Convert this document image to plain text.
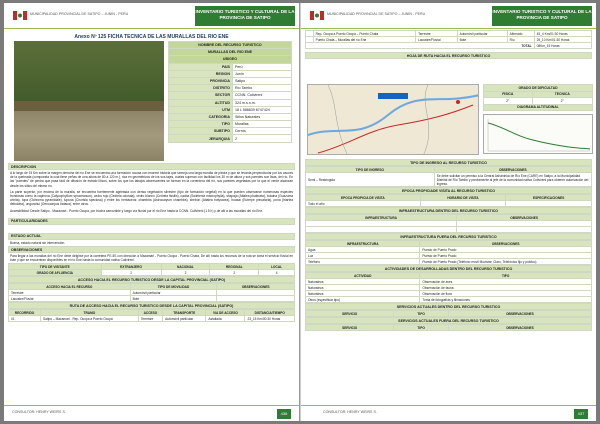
MUNICIPALIDAD PROVINCIAL DE SATIPO – JUNÍN - PERU	INVENTARIO TURISTICO Y CULTURAL DE LA PROVINCIA DE SATIPO
Anexo Nº 125 FICHA TECNICA DE LAS MURALLAS DEL RIO ENE
NOMBRE DEL RECURSO TURISTICO	
MURALLAS DEL RIO ENE	
UBIGEO	
PAIS	Perú
REGION	Junín
PROVINCIA	Satipo
DISTRITO	Río Tambo
SECTOR	CCNN. Cutivireni
ALTITUD	324 m.s.n.m.
UTM	18 L 588839 8747424
CATEGORIA	Sitios Naturales
TIPO	Murallas
SUBTIPO	Cerros
JERARQUIA	2
DESCRIPCION
A lo largo de 15 Km sobre la margen derecha del río Ene se encuentra una formación rocosa con enorme historia que semeja una larga muralla de piedra y que se levanta perpendicular por los cauces de la quebrada (compuesta la cual tiene peñas de una altura de 80 a 120 m.), rica en geométricos de los sus tajes, cuales superan con facilidad los 30 m de altura y sus paredes son lisas, del río. En las "paredes" de piedra que pasa fácil de difusión de estrato líticos, sobre los que los tabajos aborescentes se forman en la correntera del río, sus paredes vegetadas por la que el verde alcanzan desde los sitios del mismo río.
La parte superior, por encima de la muralla, se encuentra fuertemente agrietada con densa vegetación silvestre (tipo de formación vegetal) en la que pueden observarse numerosas especies frondosas como la capirona (Calycophyllum spruceanum), cedro rojo (Cedrela odorata), cedro blanco (Cedrela fissilis), caoba (Swietenia macrophylla), shapaja (Attalea phalerata), bolaina (Guazuma crinita), topa (Ochroma pyramidale), lupuna (Chorisia speciosa) y entre los herbáceos: chambira (Astrocaryum chambira), shebón (Attalea butyracea), huasaí (Euterpe precatoria), pona (Iriartea deltoidea), ungurahui (Oenocarpus bataua), entre otros.
Accesibilidad: Desde Satipo - Mazamari - Puerto Ocopa, por trocha carrozable y luego vía fluvial por el río Ene hasta la CCNN. Cutivireni (1.5 h) y de allí a las murallas del río Ene.
PARTICULARIDADES
ESTADO ACTUAL
Buena, estado natural sin intervención.
OBSERVACIONES
Para llegar a las murallas del río Ene debe dirigirse por la carretera PE-5S con dirección a Mazamari - Puerto Ocopa - Puerto Chata, De allí hasta los recursos de la ruta se toma el servicio fluvial en bote y que se encuentran disponibles en el río Ene hasta la comunidad nativa Cutivireni.
TIPO DE VISITANTE	EXTRANJERO	NACIONAL	REGIONAL	LOCAL
GRADO DE AFLUENCIA	1	2	2	4
ACCESO HACIA EL RECURSO TURISTICO DESDE LA CAPITAL PROVINCIAL (SATIPO)
ACCESO HACIA EL RECURSO	TIPO DE MOVILIDAD	OBSERVACIONES
Terrestre	Automóvil particular	
Lacustre/Fluvial	Bote	
RUTA DE ACCESO HACIA EL RECURSO TURISTICO DESDE LA CAPITAL PROVINCIAL (SATIPO)
RECORRIDO	TRAMO	ACCESO	TRANSPORTE	VIA DE ACCESO	DISTANCIA/TIEMPO
01	Satipo – Mazamari - Rep. Ocopa a Puerto Ocopa	Terrestre	Automóvil particular	Asfaltada	23_15 Km/00:30 Horas
CONSULTOR: HENRY WEIRS S.	436
MUNICIPALIDAD PROVINCIAL DE SATIPO – JUNÍN - PERU	INVENTARIO TURISTICO Y CULTURAL DE LA PROVINCIA DE SATIPO
	Rep. Ocopa a Puerto Ocopa – Puerto Chata	Terrestre	Automóvil particular	Afirmado	45_4 Km/01:30 Horas
	Puerto Chata – Murallas del río Ene	Lacustre/Fluvial	Bote	Río	25_10 Km/01:30 Horas
TOTAL					08Km_15 Horas
HOJA DE RUTA HACIA EL RECURSO TURISTICO
GRADO DE DIFICULTAD	
FISICA	TECNICA
2°	2°
DIAGRAMA ALTITUDINAL	
TIPO DE INGRESO AL RECURSO TURISTICO
TIPO DE INGRESO	OBSERVACIONES
Semi – Restringida	Se debe solicitar un permiso a la Central Asháninka de Río Ene (CARE) en Satipo, a la Municipalidad Distrital de Río Tambo y previamente al jefe de la comunidad nativa Cutivireni para obtener autorización del ingreso.
EPOCA PROPICIADE VISITA AL RECURSO TURISTICO
EPOCA PROPICIA DE VISITA	HORARIO DE VISITA	ESPECIFICACIONES
Todo el año		
INFRAESTRUCTURA DENTRO DEL RECURSO TURISTICO
INFRAESTRUCTURA	OBSERVACIONES

INFRAESTRUCTURA FUERA DEL RECURSO TURISTICO
INFRAESTRUCTURA	OBSERVACIONES
Agua	Puesto de Puerto Prado
Luz	Puesto de Puerto Prado
Teléfono	Puesto de Puerto Prado (Teléfono móvil Movistar, Claro, Telefónica fijo y público)
ACTIVIDADES DE DESARROLLADAS DENTRO DEL RECURSO TURISTICO
ACTIVIDAD	TIPO
Naturaleza	Observación de aves
Naturaleza	Observación de fauna
Naturaleza	Observación de flora
Otros (especificar tipo)	Toma de fotografías y filmaciones
SERVICIOS ACTUALES DENTRO DEL RECURSO TURISTICO
SERVICIO	TIPO	OBSERVACIONES
SERVICIOS ACTUALES FUERA DEL RECURSO TURISTICO
SERVICIO	TIPO	OBSERVACIONES
CONSULTOR: HENRY WEIRS S.	437
